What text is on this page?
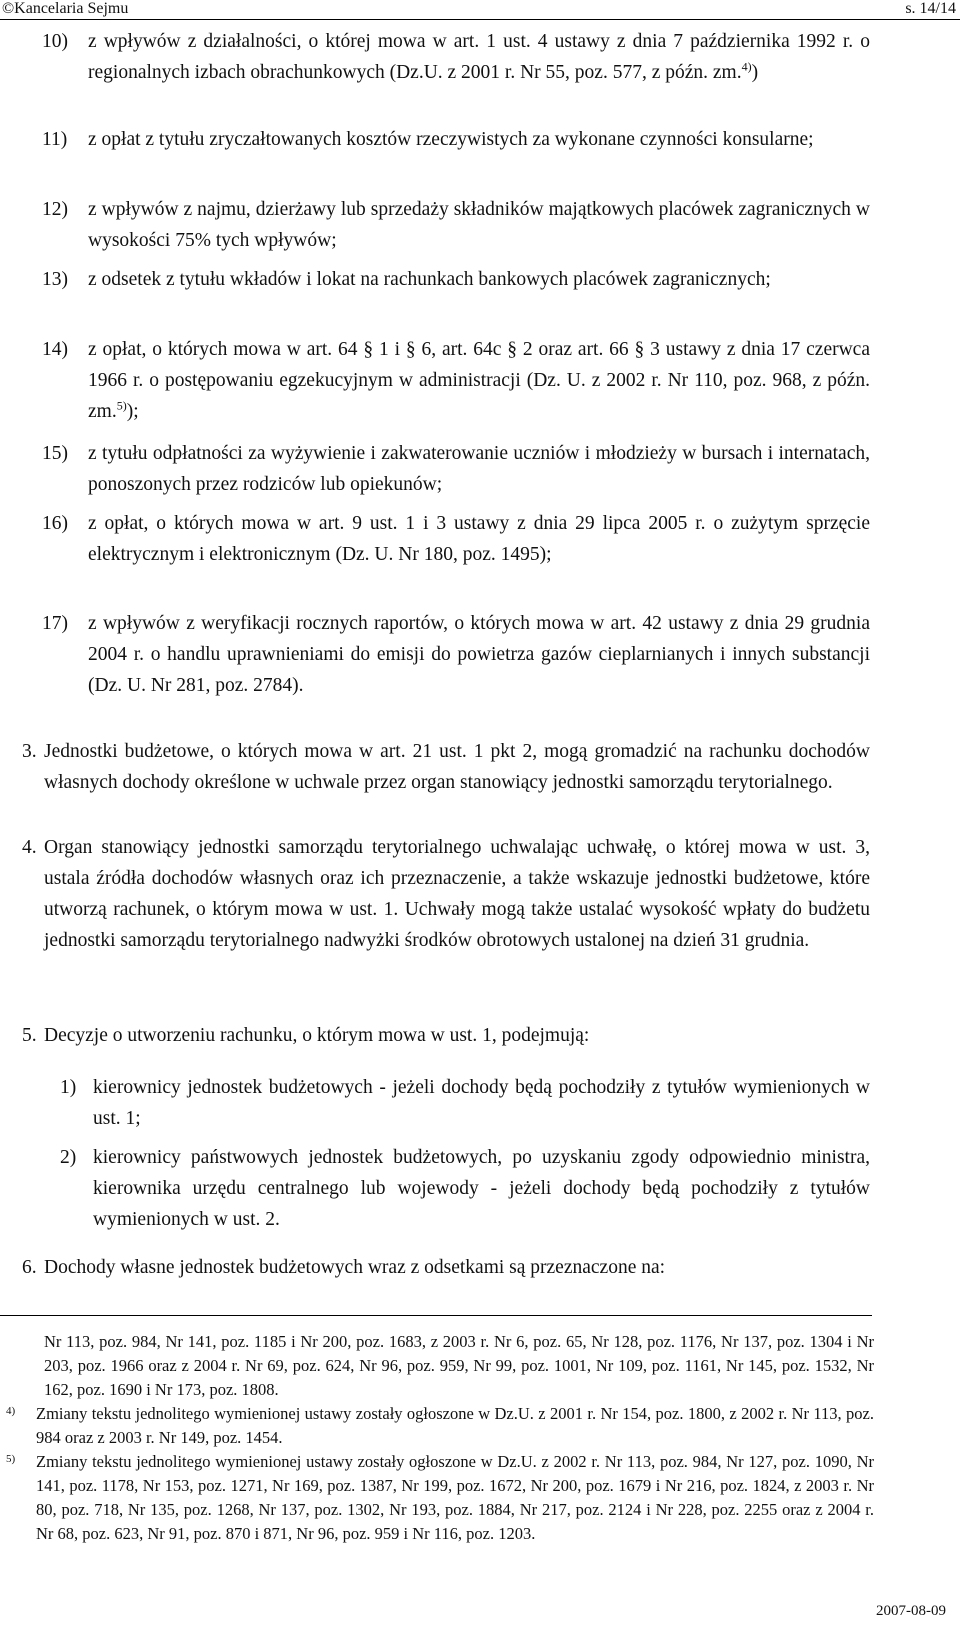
©Kancelaria Sejmu	s. 14/14
10) z wpływów z działalności, o której mowa w art. 1 ust. 4 ustawy z dnia 7 października 1992 r. o regionalnych izbach obrachunkowych (Dz.U. z 2001 r. Nr 55, poz. 577, z późn. zm.$^{4)}$)
11) z opłat z tytułu zryczałtowanych kosztów rzeczywistych za wykonane czynności konsularne;
12) z wpływów z najmu, dzierżawy lub sprzedaży składników majątkowych placówek zagranicznych w wysokości 75% tych wpływów;
13) z odsetek z tytułu wkładów i lokat na rachunkach bankowych placówek zagranicznych;
14) z opłat, o których mowa w art. 64 § 1 i § 6, art. 64c § 2 oraz art. 66 § 3 ustawy z dnia 17 czerwca 1966 r. o postępowaniu egzekucyjnym w administracji (Dz. U. z 2002 r. Nr 110, poz. 968, z późn. zm.$^{5)}$);
15) z tytułu odpłatności za wyżywienie i zakwaterowanie uczniów i młodzieży w bursach i internatach, ponoszonych przez rodziców lub opiekunów;
16) z opłat, o których mowa w art. 9 ust. 1 i 3 ustawy z dnia 29 lipca 2005 r. o zużytym sprzęcie elektrycznym i elektronicznym (Dz. U. Nr 180, poz. 1495);
17) z wpływów z weryfikacji rocznych raportów, o których mowa w art. 42 ustawy z dnia 29 grudnia 2004 r. o handlu uprawnieniami do emisji do powietrza gazów cieplarnianych i innych substancji (Dz. U. Nr 281, poz. 2784).
3. Jednostki budżetowe, o których mowa w art. 21 ust. 1 pkt 2, mogą gromadzić na rachunku dochodów własnych dochody określone w uchwale przez organ stanowiący jednostki samorządu terytorialnego.
4. Organ stanowiący jednostki samorządu terytorialnego uchwalając uchwałę, o której mowa w ust. 3, ustala źródła dochodów własnych oraz ich przeznaczenie, a także wskazuje jednostki budżetowe, które utworzą rachunek, o którym mowa w ust. 1. Uchwały mogą także ustalać wysokość wpłaty do budżetu jednostki samorządu terytorialnego nadwyżki środków obrotowych ustalonej na dzień 31 grudnia.
5. Decyzje o utworzeniu rachunku, o którym mowa w ust. 1, podejmują:
1) kierownicy jednostek budżetowych - jeżeli dochody będą pochodziły z tytułów wymienionych w ust. 1;
2) kierownicy państwowych jednostek budżetowych, po uzyskaniu zgody odpowiednio ministra, kierownika urzędu centralnego lub wojewody - jeżeli dochody będą pochodziły z tytułów wymienionych w ust. 2.
6. Dochody własne jednostek budżetowych wraz z odsetkami są przeznaczone na:
Nr 113, poz. 984, Nr 141, poz. 1185 i Nr 200, poz. 1683, z 2003 r. Nr 6, poz. 65, Nr 128, poz. 1176, Nr 137, poz. 1304 i Nr 203, poz. 1966 oraz z 2004 r. Nr 69, poz. 624, Nr 96, poz. 959, Nr 99, poz. 1001, Nr 109, poz. 1161, Nr 145, poz. 1532, Nr 162, poz. 1690 i Nr 173, poz. 1808.
4) Zmiany tekstu jednolitego wymienionej ustawy zostały ogłoszone w Dz.U. z 2001 r. Nr 154, poz. 1800, z 2002 r. Nr 113, poz. 984 oraz z 2003 r. Nr 149, poz. 1454.
5) Zmiany tekstu jednolitego wymienionej ustawy zostały ogłoszone w Dz.U. z 2002 r. Nr 113, poz. 984, Nr 127, poz. 1090, Nr 141, poz. 1178, Nr 153, poz. 1271, Nr 169, poz. 1387, Nr 199, poz. 1672, Nr 200, poz. 1679 i Nr 216, poz. 1824, z 2003 r. Nr 80, poz. 718, Nr 135, poz. 1268, Nr 137, poz. 1302, Nr 193, poz. 1884, Nr 217, poz. 2124 i Nr 228, poz. 2255 oraz z 2004 r. Nr 68, poz. 623, Nr 91, poz. 870 i 871, Nr 96, poz. 959 i Nr 116, poz. 1203.
2007-08-09
